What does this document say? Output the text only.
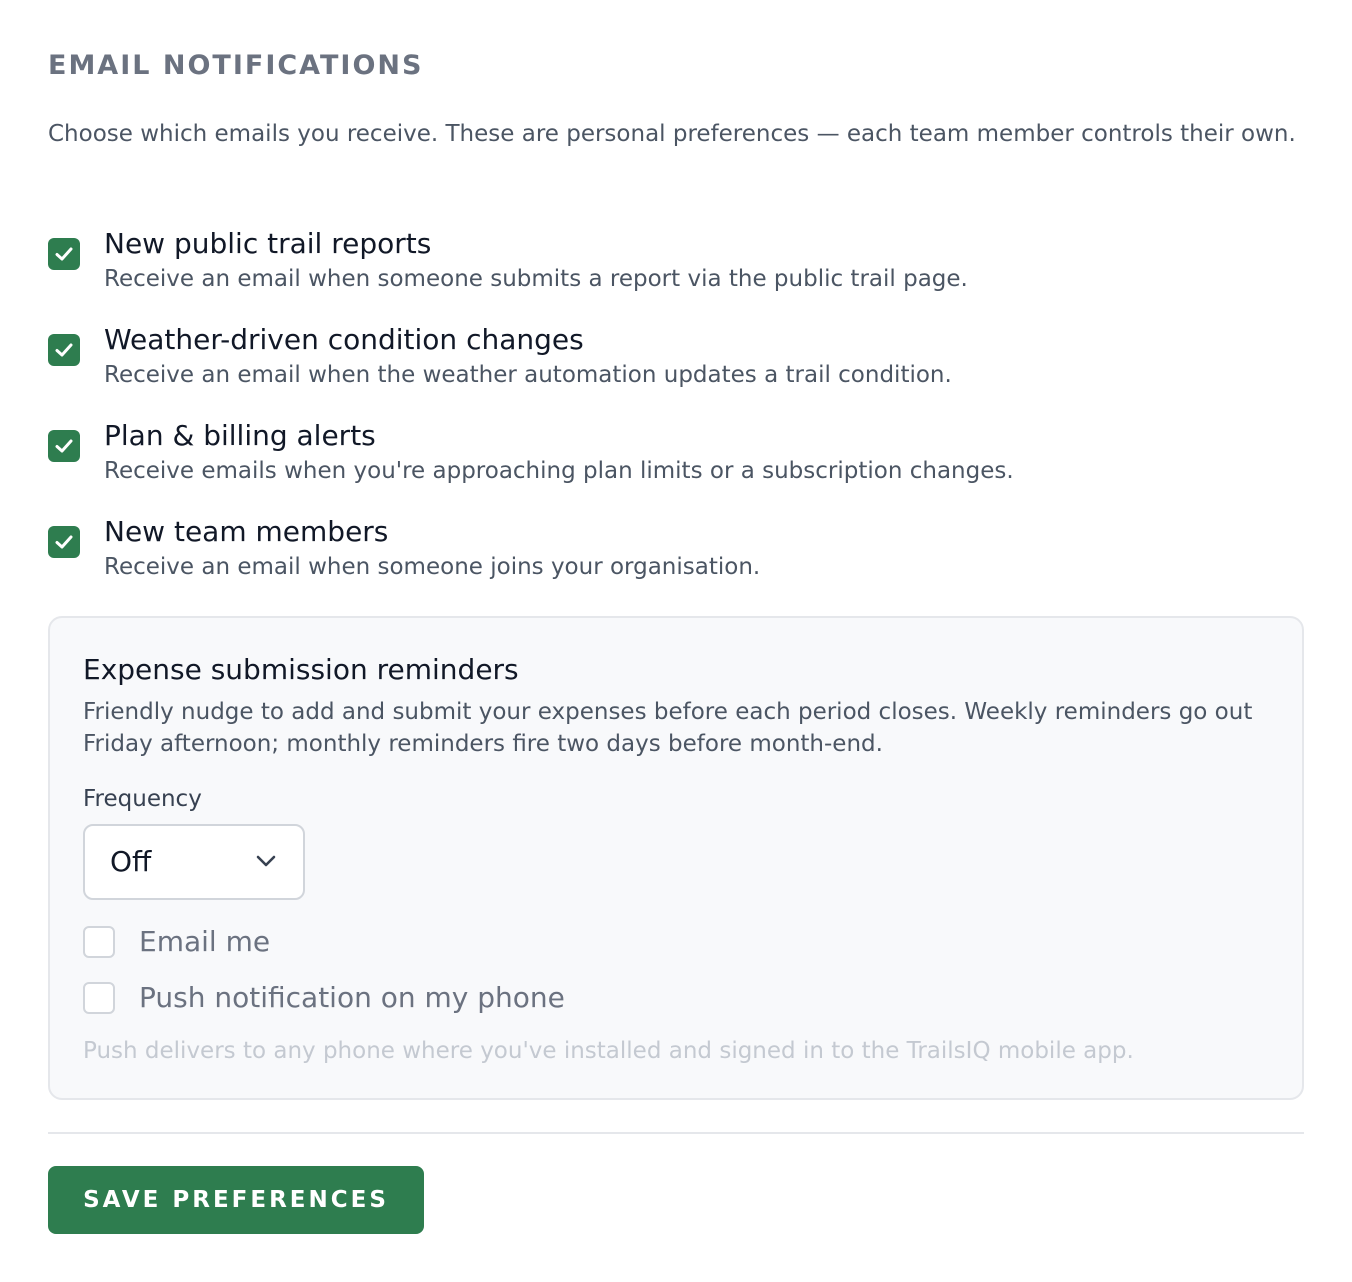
EMAIL NOTIFICATIONS

Choose which emails you receive. These are personal preferences — each team member controls their own.

New public trail reports
Receive an email when someone submits a report via the public trail page.
Weather-driven condition changes
Receive an email when the weather automation updates a trail condition.
Plan & billing alerts
Receive emails when you're approaching plan limits or a subscription changes.
New team members
Receive an email when someone joins your organisation.
Expense submission reminders

Friendly nudge to add and submit your expenses before each period closes. Weekly reminders go out Friday afternoon; monthly reminders fire two days before month-end.

Frequency
Off
Email me
Push notification on my phone
Push delivers to any phone where you've installed and signed in to the TrailsIQ mobile app.
SAVE PREFERENCES
